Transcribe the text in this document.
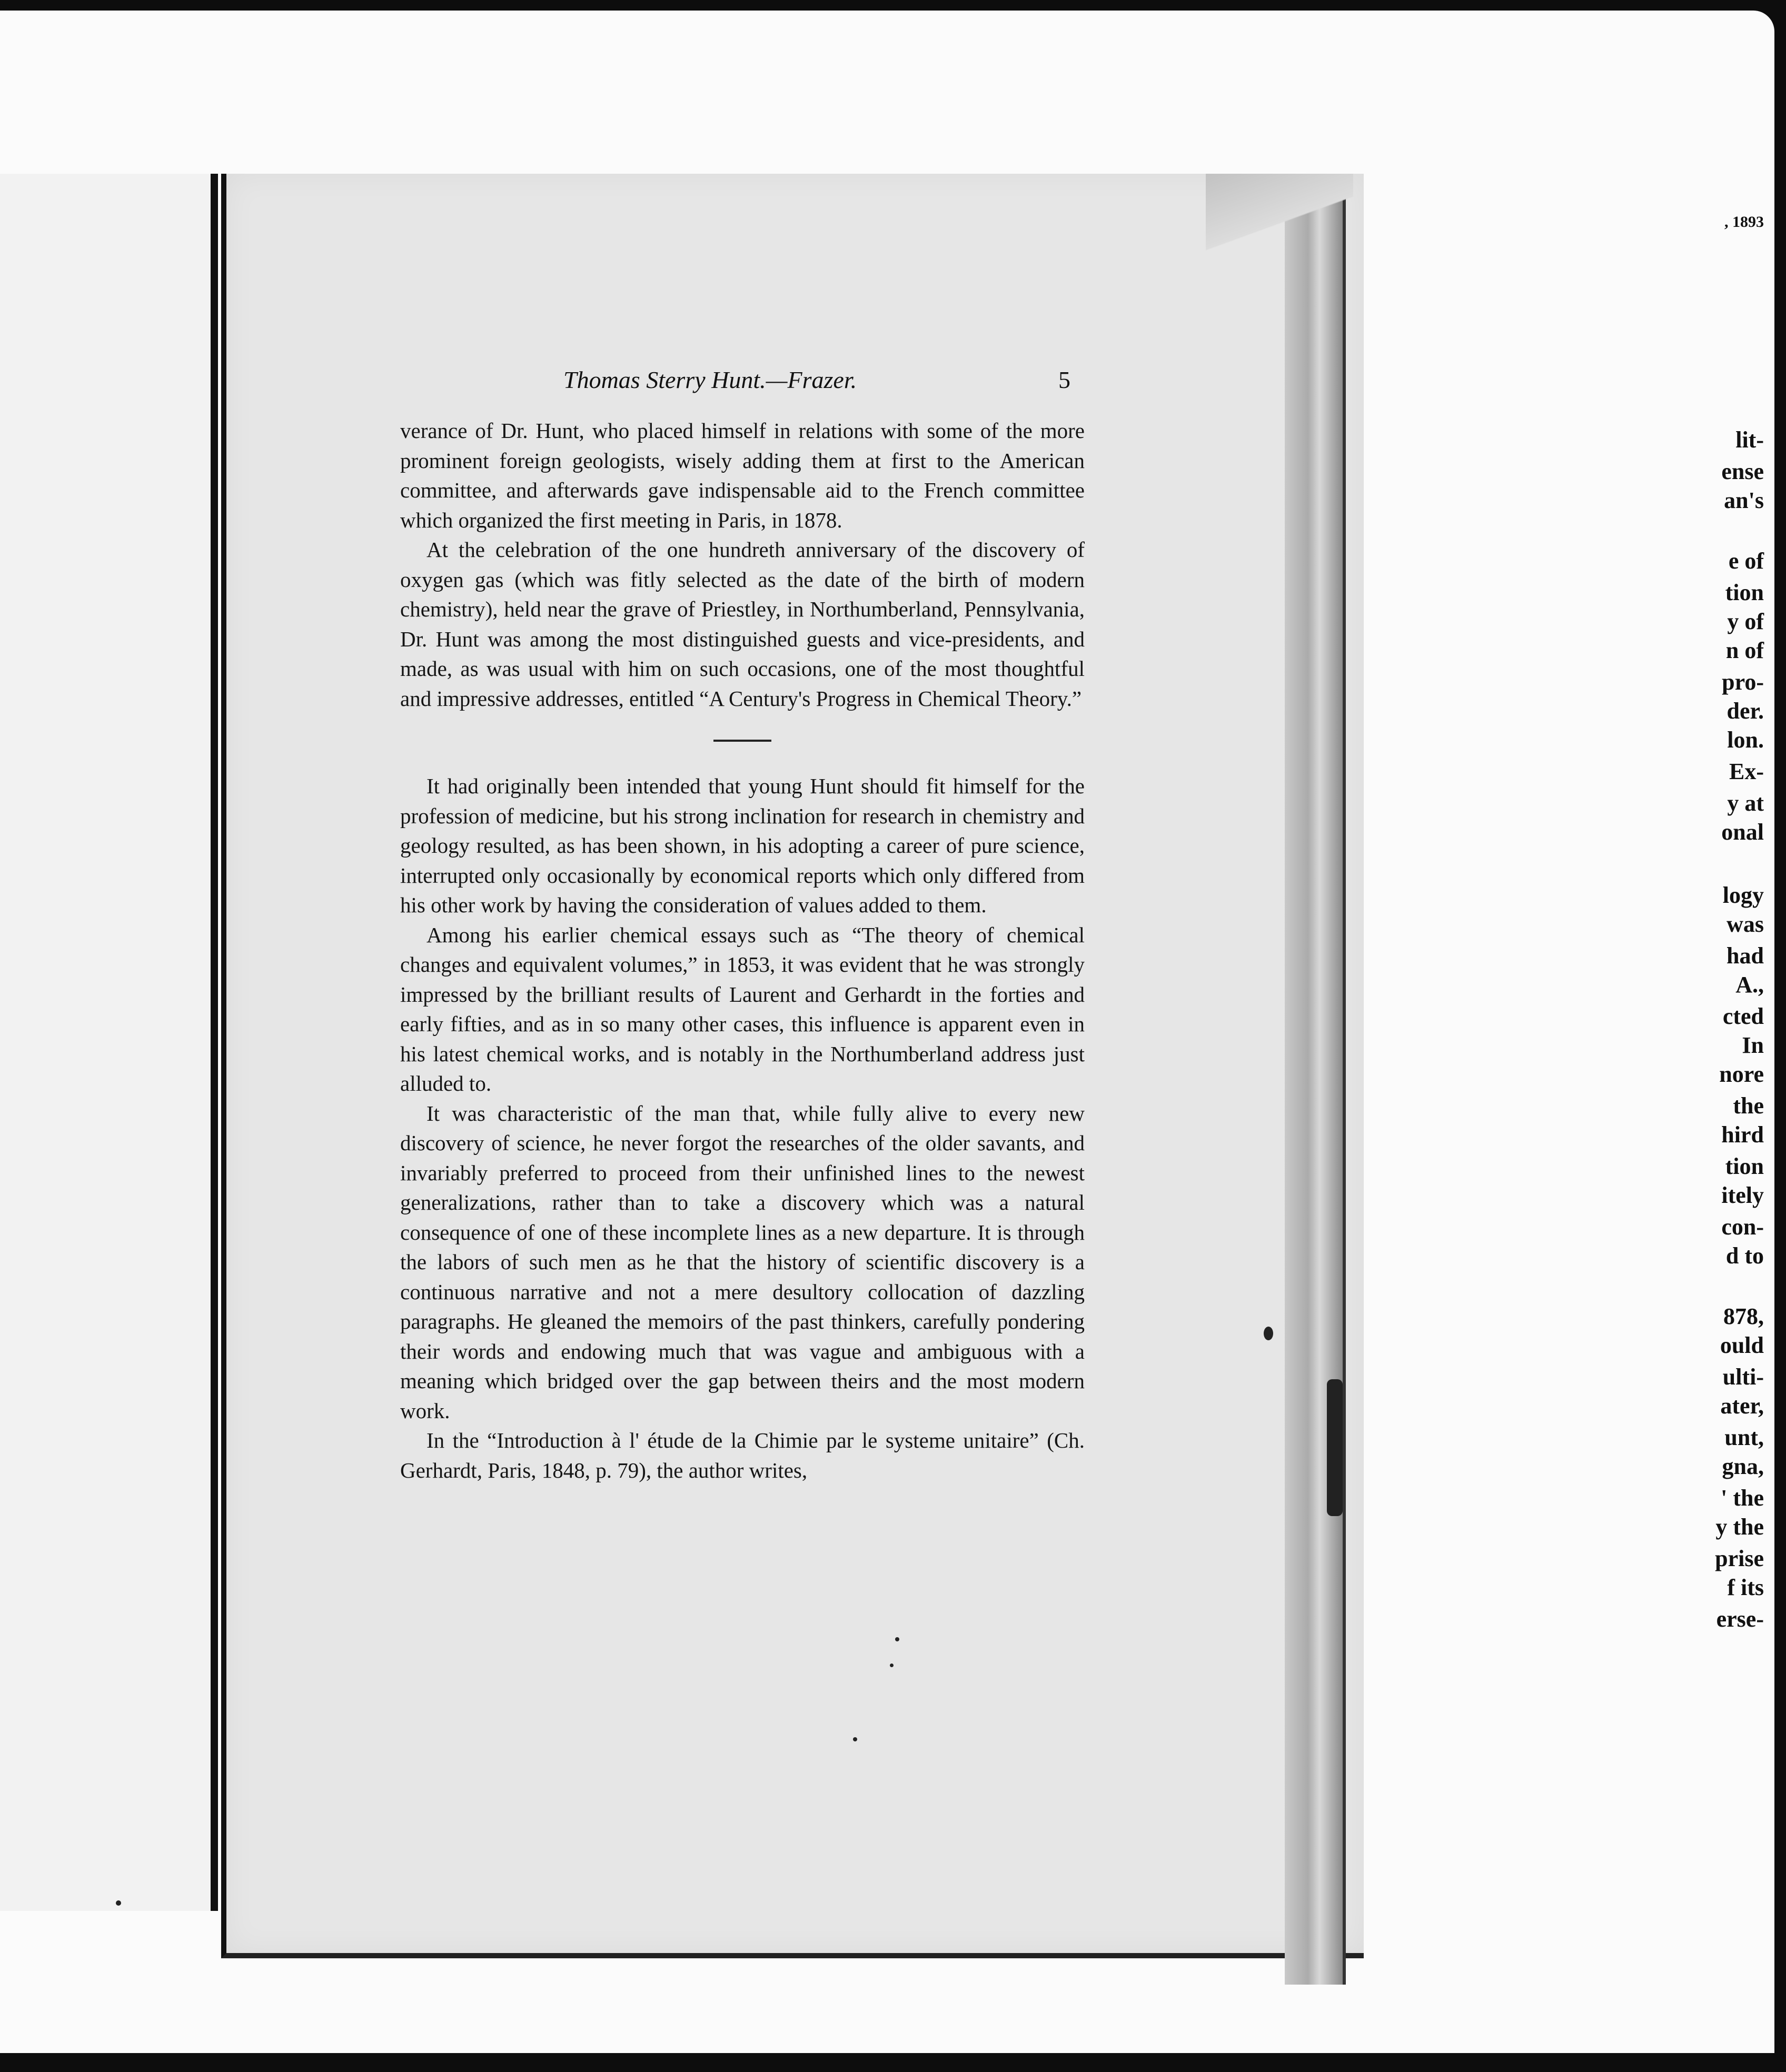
, 1893
lit-
ense
an's
e of
tion
y of
n of
pro-
der.
lon.
Ex-
y at
onal
logy
was
had
A.,
cted
In
nore
the
hird
tion
itely
con-
d to
878,
ould
ulti-
ater,
unt,
gna,
' the
y the
prise
f its
erse-
Thomas Sterry Hunt.—Frazer.	5

verance of Dr. Hunt, who placed himself in relations with some of the more prominent foreign geologists, wisely adding them at first to the American committee, and afterwards gave indispensable aid to the French committee which organized the first meeting in Paris, in 1878.

At the celebration of the one hundreth anniversary of the discovery of oxygen gas (which was fitly selected as the date of the birth of modern chemistry), held near the grave of Priestley, in Northumberland, Pennsylvania, Dr. Hunt was among the most distinguished guests and vice-presidents, and made, as was usual with him on such occasions, one of the most thoughtful and impressive addresses, entitled “A Century's Progress in Chemical Theory.”

It had originally been intended that young Hunt should fit himself for the profession of medicine, but his strong inclination for research in chemistry and geology resulted, as has been shown, in his adopting a career of pure science, interrupted only occasionally by economical reports which only differed from his other work by having the consideration of values added to them.

Among his earlier chemical essays such as “The theory of chemical changes and equivalent volumes,” in 1853, it was evident that he was strongly impressed by the brilliant results of Laurent and Gerhardt in the forties and early fifties, and as in so many other cases, this influence is apparent even in his latest chemical works, and is notably in the Northumberland address just alluded to.

It was characteristic of the man that, while fully alive to every new discovery of science, he never forgot the researches of the older savants, and invariably preferred to proceed from their unfinished lines to the newest generalizations, rather than to take a discovery which was a natural consequence of one of these incomplete lines as a new departure. It is through the labors of such men as he that the history of scientific discovery is a continuous narrative and not a mere desultory collocation of dazzling paragraphs. He gleaned the memoirs of the past thinkers, carefully pondering their words and endowing much that was vague and ambiguous with a meaning which bridged over the gap between theirs and the most modern work.

In the “Introduction à l' étude de la Chimie par le systeme unitaire” (Ch. Gerhardt, Paris, 1848, p. 79), the author writes,
